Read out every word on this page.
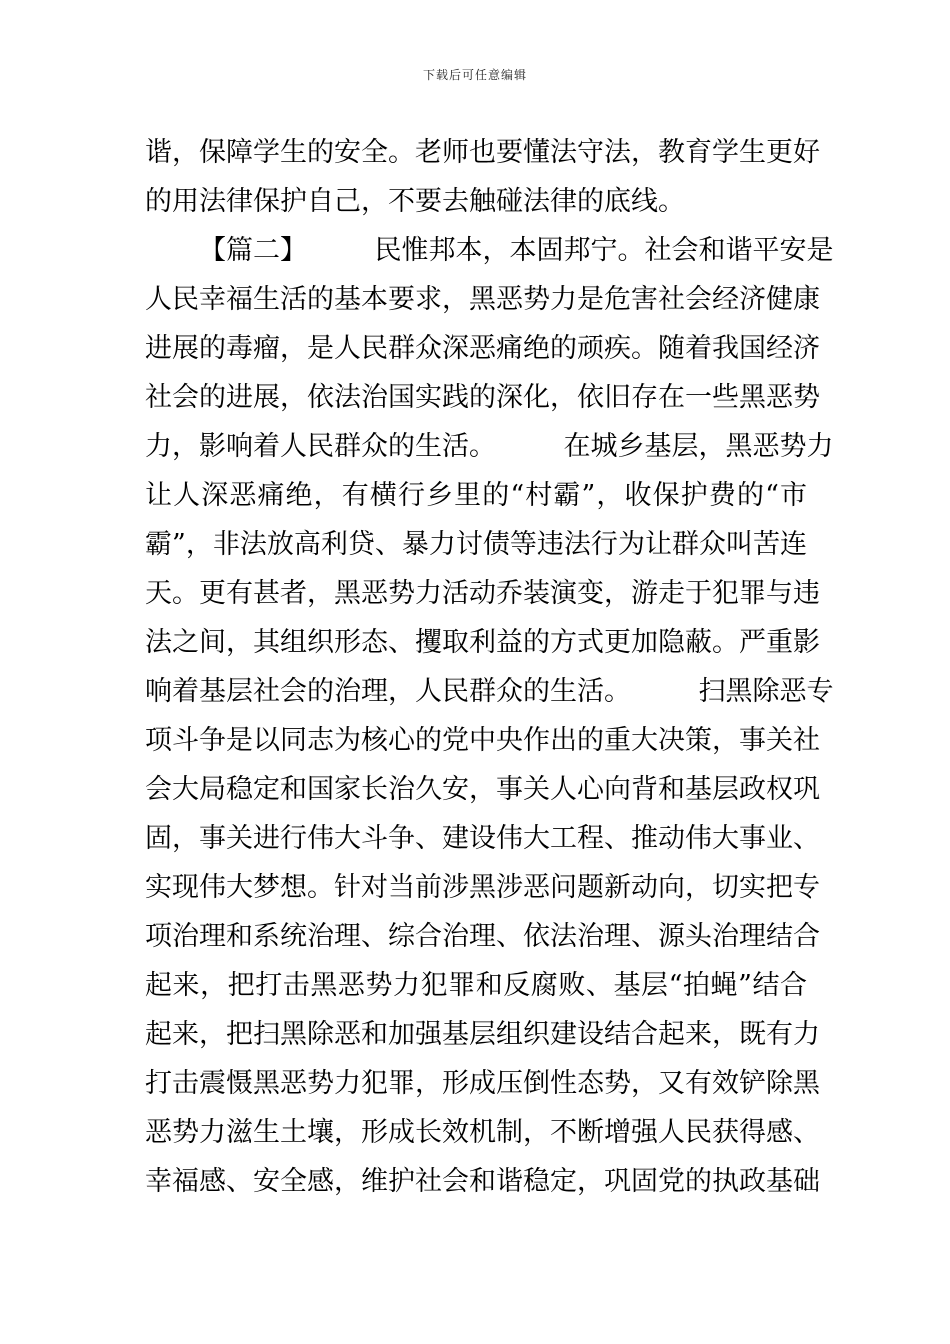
下载后可任意编辑
谐，保障学生的安全。老师也要懂法守法，教育学生更好
的用法律保护自己，不要去触碰法律的底线。
【篇二】　　　民惟邦本，本固邦宁。社会和谐平安是
人民幸福生活的基本要求，黑恶势力是危害社会经济健康
进展的毒瘤，是人民群众深恶痛绝的顽疾。随着我国经济
社会的进展，依法治国实践的深化，依旧存在一些黑恶势
力，影响着人民群众的生活。　　　在城乡基层，黑恶势力
让人深恶痛绝，有横行乡里的“村霸”，收保护费的“市
霸”，非法放高利贷、暴力讨债等违法行为让群众叫苦连
天。更有甚者，黑恶势力活动乔装演变，游走于犯罪与违
法之间，其组织形态、攫取利益的方式更加隐蔽。严重影
响着基层社会的治理，人民群众的生活。　　　扫黑除恶专
项斗争是以同志为核心的党中央作出的重大决策，事关社
会大局稳定和国家长治久安，事关人心向背和基层政权巩
固，事关进行伟大斗争、建设伟大工程、推动伟大事业、
实现伟大梦想。针对当前涉黑涉恶问题新动向，切实把专
项治理和系统治理、综合治理、依法治理、源头治理结合
起来，把打击黑恶势力犯罪和反腐败、基层“拍蝇”结合
起来，把扫黑除恶和加强基层组织建设结合起来，既有力
打击震慑黑恶势力犯罪，形成压倒性态势，又有效铲除黑
恶势力滋生土壤，形成长效机制，不断增强人民获得感、
幸福感、安全感，维护社会和谐稳定，巩固党的执政基础
